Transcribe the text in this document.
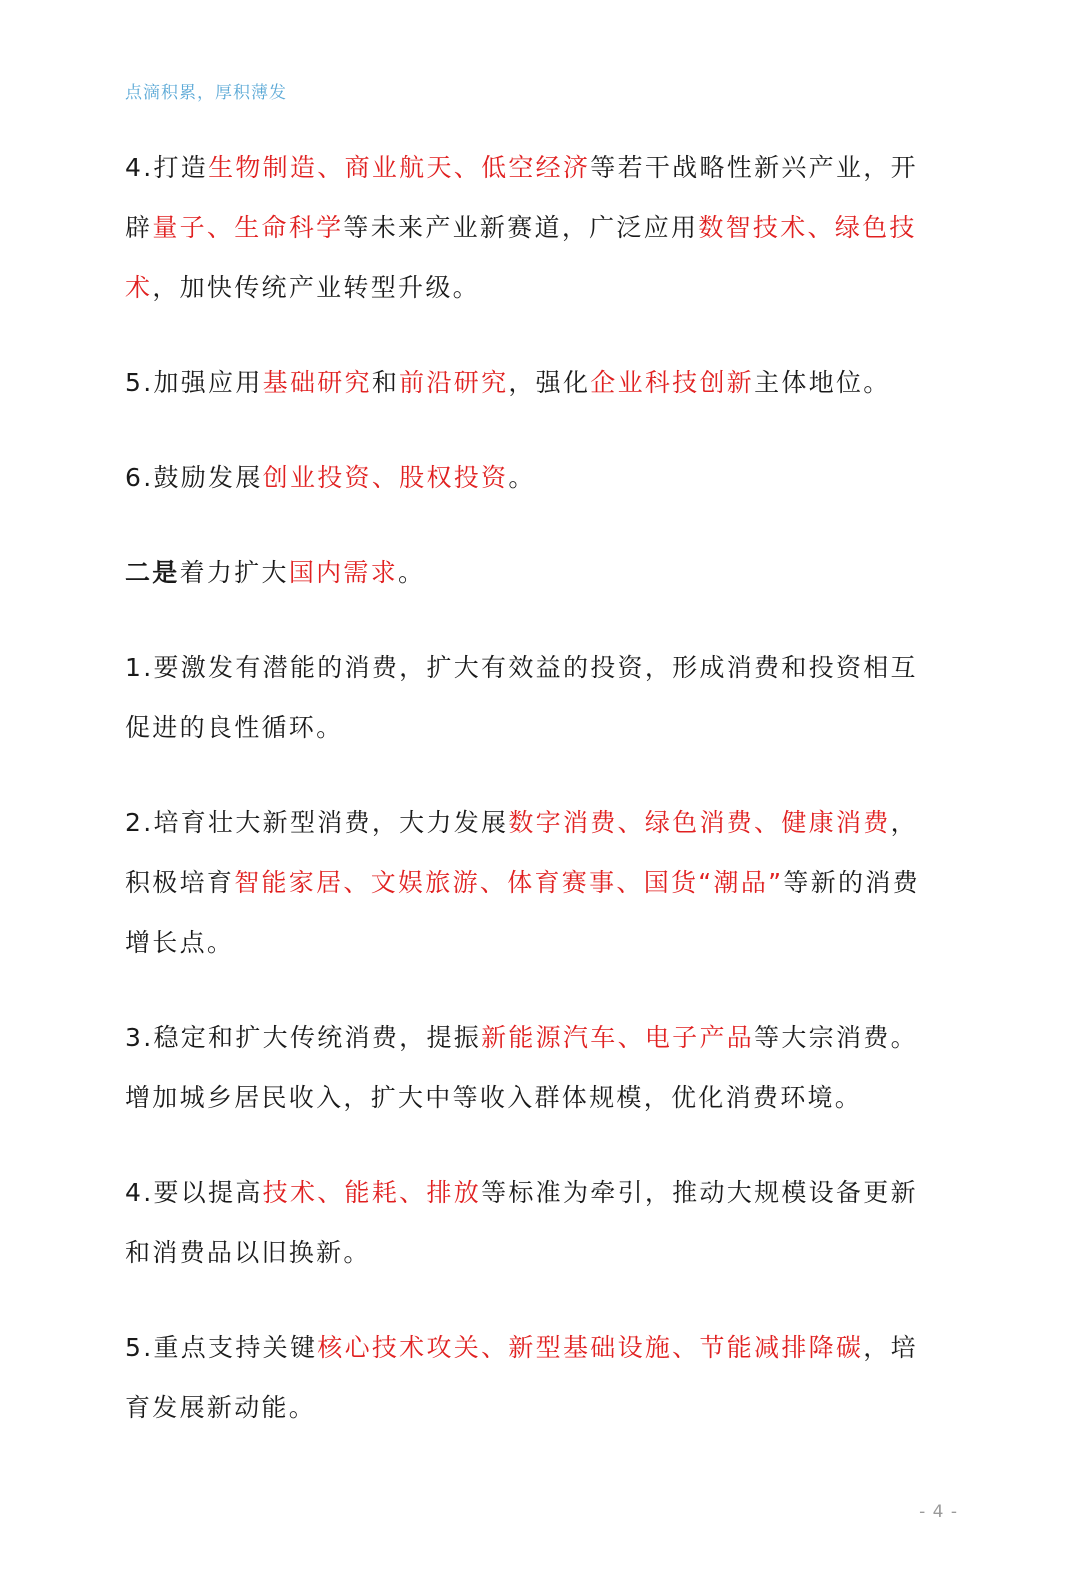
点滴积累，厚积薄发

4.打造生物制造、商业航天、低空经济等若干战略性新兴产业，开辟量子、生命科学等未来产业新赛道，广泛应用数智技术、绿色技术，加快传统产业转型升级。

5.加强应用基础研究和前沿研究，强化企业科技创新主体地位。

6.鼓励发展创业投资、股权投资。

二是着力扩大国内需求。

1.要激发有潜能的消费，扩大有效益的投资，形成消费和投资相互促进的良性循环。

2.培育壮大新型消费，大力发展数字消费、绿色消费、健康消费，积极培育智能家居、文娱旅游、体育赛事、国货“潮品”等新的消费增长点。

3.稳定和扩大传统消费，提振新能源汽车、电子产品等大宗消费。增加城乡居民收入，扩大中等收入群体规模，优化消费环境。

4.要以提高技术、能耗、排放等标准为牵引，推动大规模设备更新和消费品以旧换新。

5.重点支持关键核心技术攻关、新型基础设施、节能减排降碳，培育发展新动能。

- 4 -
